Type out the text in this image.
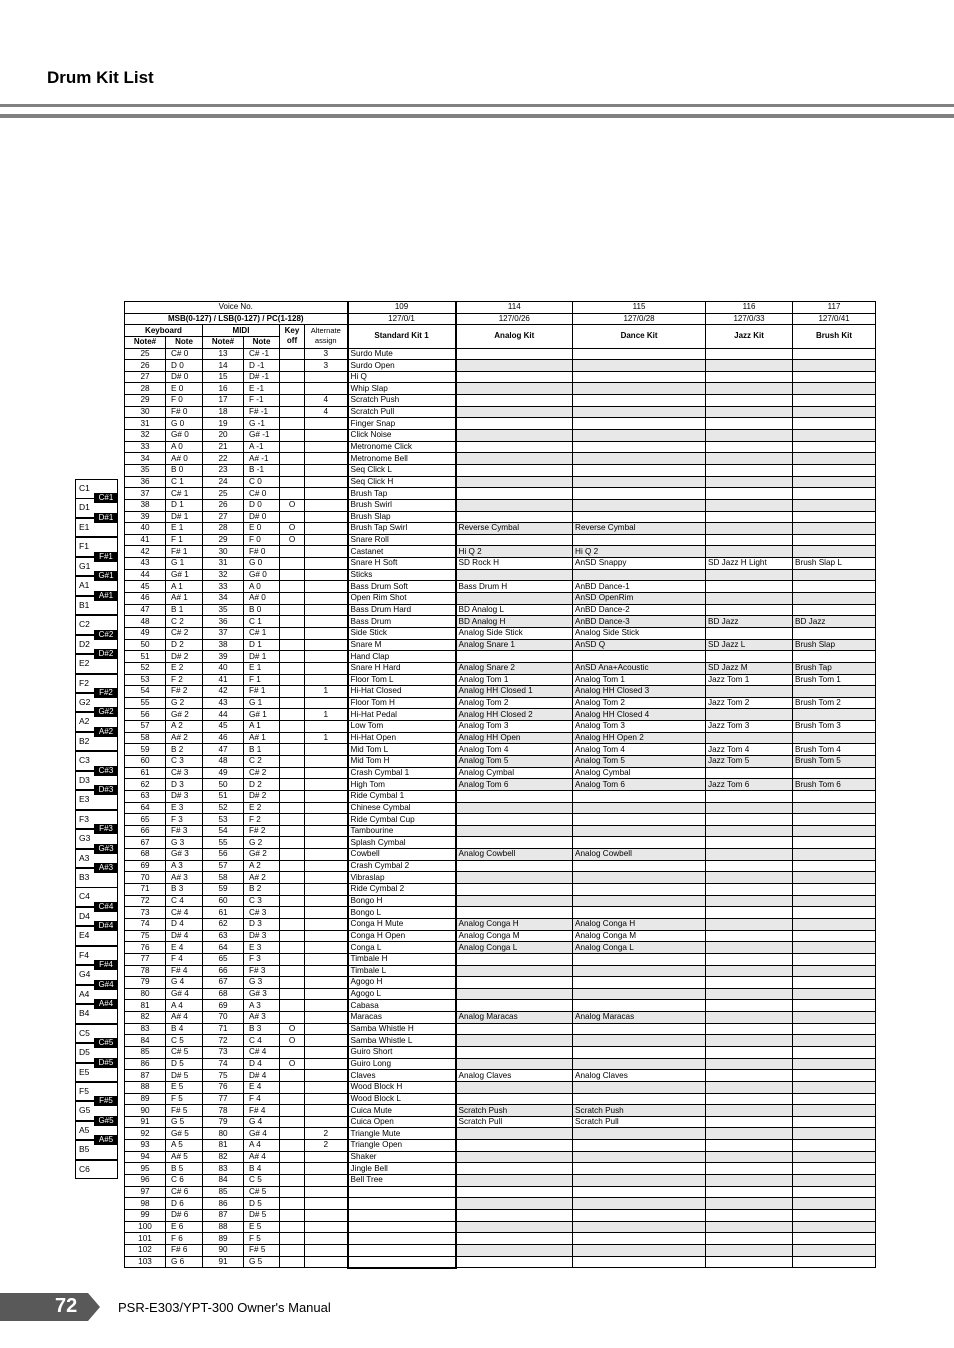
Drum Kit List
Voice No.						109	114	115	116	117
MSB(0-127) / LSB(0-127) / PC(1-128)						127/0/1	127/0/26	127/0/28	127/0/33	127/0/41
Keyboard		MIDI		Key off	Alternate assign	Standard Kit 1	Analog Kit	Dance Kit	Jazz Kit	Brush Kit
Note#	Note	Note#	Note							
25	C# 0	13	C# -1		3	Surdo Mute				
26	D 0	14	D -1		3	Surdo Open				
27	D# 0	15	D# -1			Hi Q				
28	E 0	16	E -1			Whip Slap				
29	F 0	17	F -1		4	Scratch Push				
30	F# 0	18	F# -1		4	Scratch Pull				
31	G 0	19	G -1			Finger Snap				
32	G# 0	20	G# -1			Click Noise				
33	A 0	21	A -1			Metronome Click				
34	A# 0	22	A# -1			Metronome Bell				
35	B 0	23	B -1			Seq Click L				
36	C 1	24	C 0			Seq Click H				
37	C# 1	25	C# 0			Brush Tap				
38	D 1	26	D 0	O		Brush Swirl				
39	D# 1	27	D# 0			Brush Slap				
40	E 1	28	E 0	O		Brush Tap Swirl	Reverse Cymbal	Reverse Cymbal		
41	F 1	29	F 0	O		Snare Roll				
42	F# 1	30	F# 0			Castanet	Hi Q 2	Hi Q 2		
43	G 1	31	G 0			Snare H Soft	SD Rock H	AnSD Snappy	SD Jazz H Light	Brush Slap L
44	G# 1	32	G# 0			Sticks				
45	A 1	33	A 0			Bass Drum Soft	Bass Drum H	AnBD Dance-1		
46	A# 1	34	A# 0			Open Rim Shot		AnSD OpenRim		
47	B 1	35	B 0			Bass Drum Hard	BD Analog L	AnBD Dance-2		
48	C 2	36	C 1			Bass Drum	BD Analog H	AnBD Dance-3	BD Jazz	BD Jazz
49	C# 2	37	C# 1			Side Stick	Analog Side Stick	Analog Side Stick		
50	D 2	38	D 1			Snare M	Analog Snare 1	AnSD Q	SD Jazz L	Brush Slap
51	D# 2	39	D# 1			Hand Clap				
52	E 2	40	E 1			Snare H Hard	Analog Snare 2	AnSD Ana+Acoustic	SD Jazz M	Brush Tap
53	F 2	41	F 1			Floor Tom L	Analog Tom 1	Analog Tom 1	Jazz Tom 1	Brush Tom 1
54	F# 2	42	F# 1		1	Hi-Hat Closed	Analog HH Closed 1	Analog HH Closed 3		
55	G 2	43	G 1			Floor Tom H	Analog Tom 2	Analog Tom 2	Jazz Tom 2	Brush Tom 2
56	G# 2	44	G# 1		1	Hi-Hat Pedal	Analog HH Closed 2	Analog HH Closed 4		
57	A 2	45	A 1			Low Tom	Analog Tom 3	Analog Tom 3	Jazz Tom 3	Brush Tom 3
58	A# 2	46	A# 1		1	Hi-Hat Open	Analog HH Open	Analog HH Open 2		
59	B 2	47	B 1			Mid Tom L	Analog Tom 4	Analog Tom 4	Jazz Tom 4	Brush Tom 4
60	C 3	48	C 2			Mid Tom H	Analog Tom 5	Analog Tom 5	Jazz Tom 5	Brush Tom 5
61	C# 3	49	C# 2			Crash Cymbal 1	Analog Cymbal	Analog Cymbal		
62	D 3	50	D 2			High Tom	Analog Tom 6	Analog Tom 6	Jazz Tom 6	Brush Tom 6
63	D# 3	51	D# 2			Ride Cymbal 1				
64	E 3	52	E 2			Chinese Cymbal				
65	F 3	53	F 2			Ride Cymbal Cup				
66	F# 3	54	F# 2			Tambourine				
67	G 3	55	G 2			Splash Cymbal				
68	G# 3	56	G# 2			Cowbell	Analog Cowbell	Analog Cowbell		
69	A 3	57	A 2			Crash Cymbal 2				
70	A# 3	58	A# 2			Vibraslap				
71	B 3	59	B 2			Ride Cymbal 2				
72	C 4	60	C 3			Bongo H				
73	C# 4	61	C# 3			Bongo L				
74	D 4	62	D 3			Conga H Mute	Analog Conga H	Analog Conga H		
75	D# 4	63	D# 3			Conga H Open	Analog Conga M	Analog Conga M		
76	E 4	64	E 3			Conga L	Analog Conga L	Analog Conga L		
77	F 4	65	F 3			Timbale H				
78	F# 4	66	F# 3			Timbale L				
79	G 4	67	G 3			Agogo H				
80	G# 4	68	G# 3			Agogo L				
81	A 4	69	A 3			Cabasa				
82	A# 4	70	A# 3			Maracas	Analog Maracas	Analog Maracas		
83	B 4	71	B 3	O		Samba Whistle H				
84	C 5	72	C 4	O		Samba Whistle L				
85	C# 5	73	C# 4			Guiro Short				
86	D 5	74	D 4	O		Guiro Long				
87	D# 5	75	D# 4			Claves	Analog Claves	Analog Claves		
88	E 5	76	E 4			Wood Block H				
89	F 5	77	F 4			Wood Block L				
90	F# 5	78	F# 4			Cuica Mute	Scratch Push	Scratch Push		
91	G 5	79	G 4			Cuica Open	Scratch Pull	Scratch Pull		
92	G# 5	80	G# 4		2	Triangle Mute				
93	A 5	81	A 4		2	Triangle Open				
94	A# 5	82	A# 4			Shaker				
95	B 5	83	B 4			Jingle Bell				
96	C 6	84	C 5			Bell Tree				
97	C# 6	85	C# 5							
98	D 6	86	D 5							
99	D# 6	87	D# 5							
100	E 6	88	E 5							
101	F 6	89	F 5							
102	F# 6	90	F# 5							
103	G 6	91	G 5							
C1
D1
E1
F1
G1
A1
B1
C2
D2
E2
F2
G2
A2
B2
C3
D3
E3
F3
G3
A3
B3
C4
D4
E4
F4
G4
A4
B4
C5
D5
E5
F5
G5
A5
B5
C6
C#1
D#1
F#1
G#1
A#1
C#2
D#2
F#2
G#2
A#2
C#3
D#3
F#3
G#3
A#3
C#4
D#4
F#4
G#4
A#4
C#5
D#5
F#5
G#5
A#5
72	PSR-E303/YPT-300 Owner's Manual
